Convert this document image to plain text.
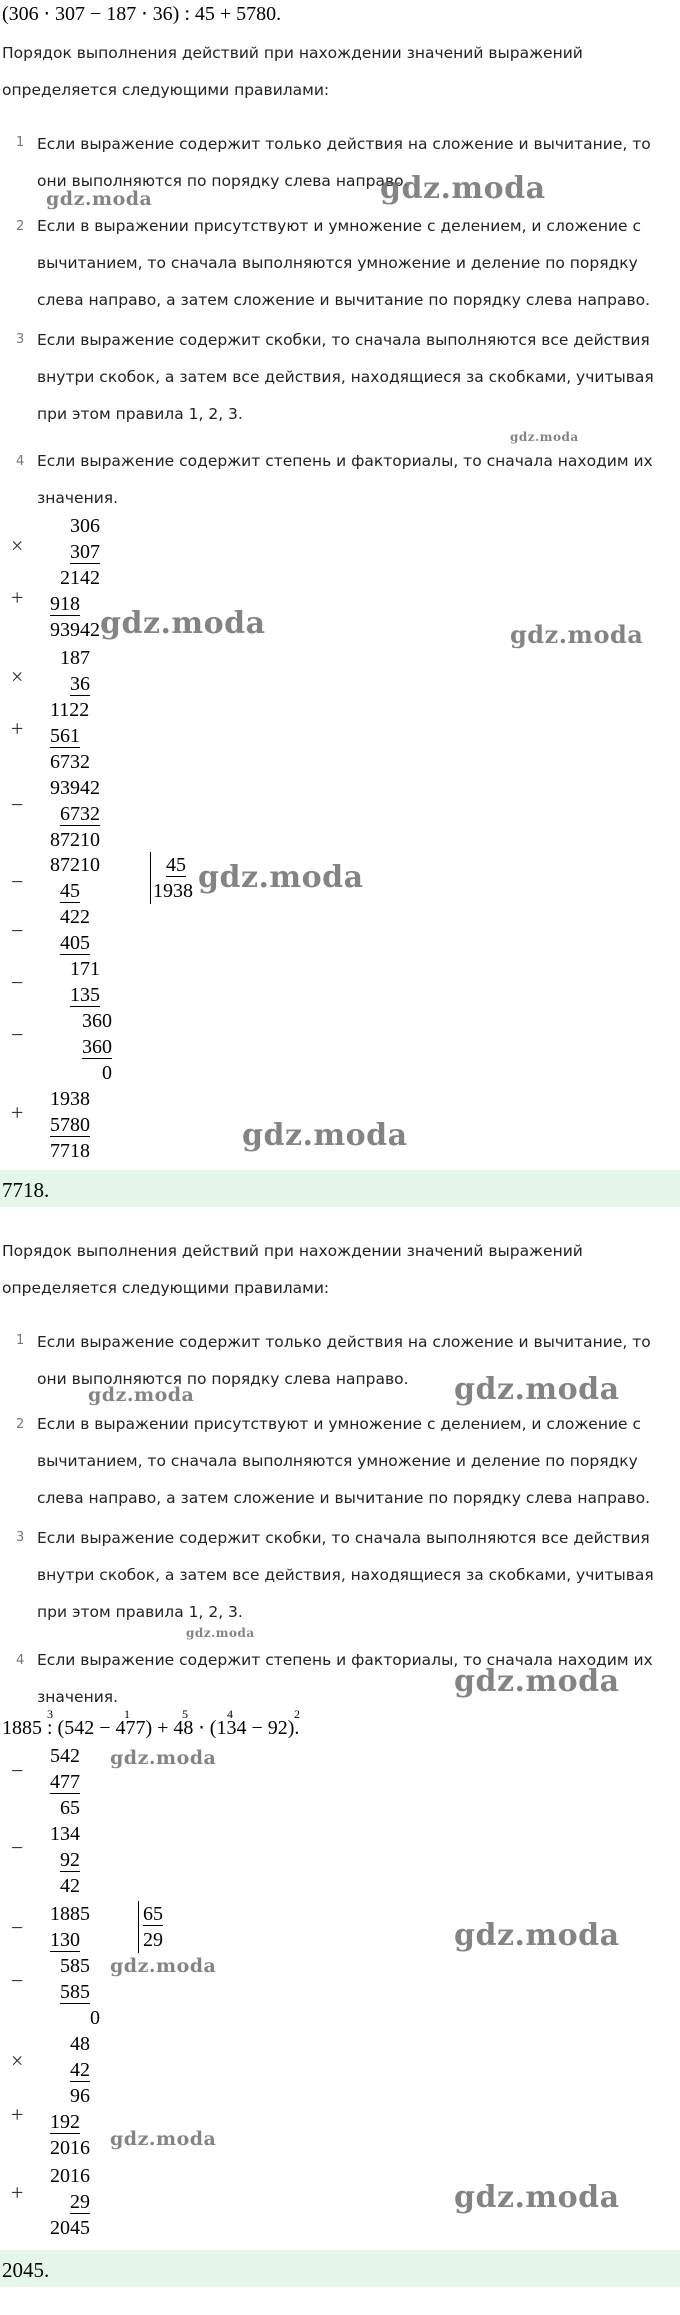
(306 ⋅ 307 − 187 ⋅ 36) : 45 + 5780.
Порядок выполнения действий при нахождении значений выражений
определяется следующими правилами:
1 Если выражение содержит только действия на сложение и вычитание, то
они выполняются по порядку слева направо.
2 Если в выражении присутствуют и умножение с делением, и сложение с
вычитанием, то сначала выполняются умножение и деление по порядку
слева направо, а затем сложение и вычитание по порядку слева направо.
3 Если выражение содержит скобки, то сначала выполняются все действия
внутри скобок, а затем все действия, находящиеся за скобками, учитывая
при этом правила 1, 2, 3.
4 Если выражение содержит степень и факториалы, то сначала находим их
значения.
×
306
307
2142
+ 918
93942
×
187
36
1122
+ 561
6732
−
93942
6732
87210
−
87210
45
45
1938
−
422
405
−
171
135
−
360
360
0
+
1938
5780
7718
7718.
gdz.moda	gdz.moda
gdz.moda
gdz.moda	gdz.moda
gdz.moda
gdz.moda
Порядок выполнения действий при нахождении значений выражений
определяется следующими правилами:
1 Если выражение содержит только действия на сложение и вычитание, то
они выполняются по порядку слева направо.
2 Если в выражении присутствуют и умножение с делением, и сложение с
вычитанием, то сначала выполняются умножение и деление по порядку
слева направо, а затем сложение и вычитание по порядку слева направо.
3 Если выражение содержит скобки, то сначала выполняются все действия
внутри скобок, а затем все действия, находящиеся за скобками, учитывая
при этом правила 1, 2, 3.
4 Если выражение содержит степень и факториалы, то сначала находим их
значения.
1885 : (542 − 477) + 48 ⋅ (134 − 92).
3	1	5	4	2
−
542
477
65
−
134
92
42
−
1885
130
65
29
−
585
585
0
×
48
42
96
+ 192
2016
+
2016
29
2045
2045.
gdz.moda	gdz.moda
gdz.moda
gdz.moda
gdz.moda
gdz.moda
gdz.moda
gdz.moda
gdz.moda
